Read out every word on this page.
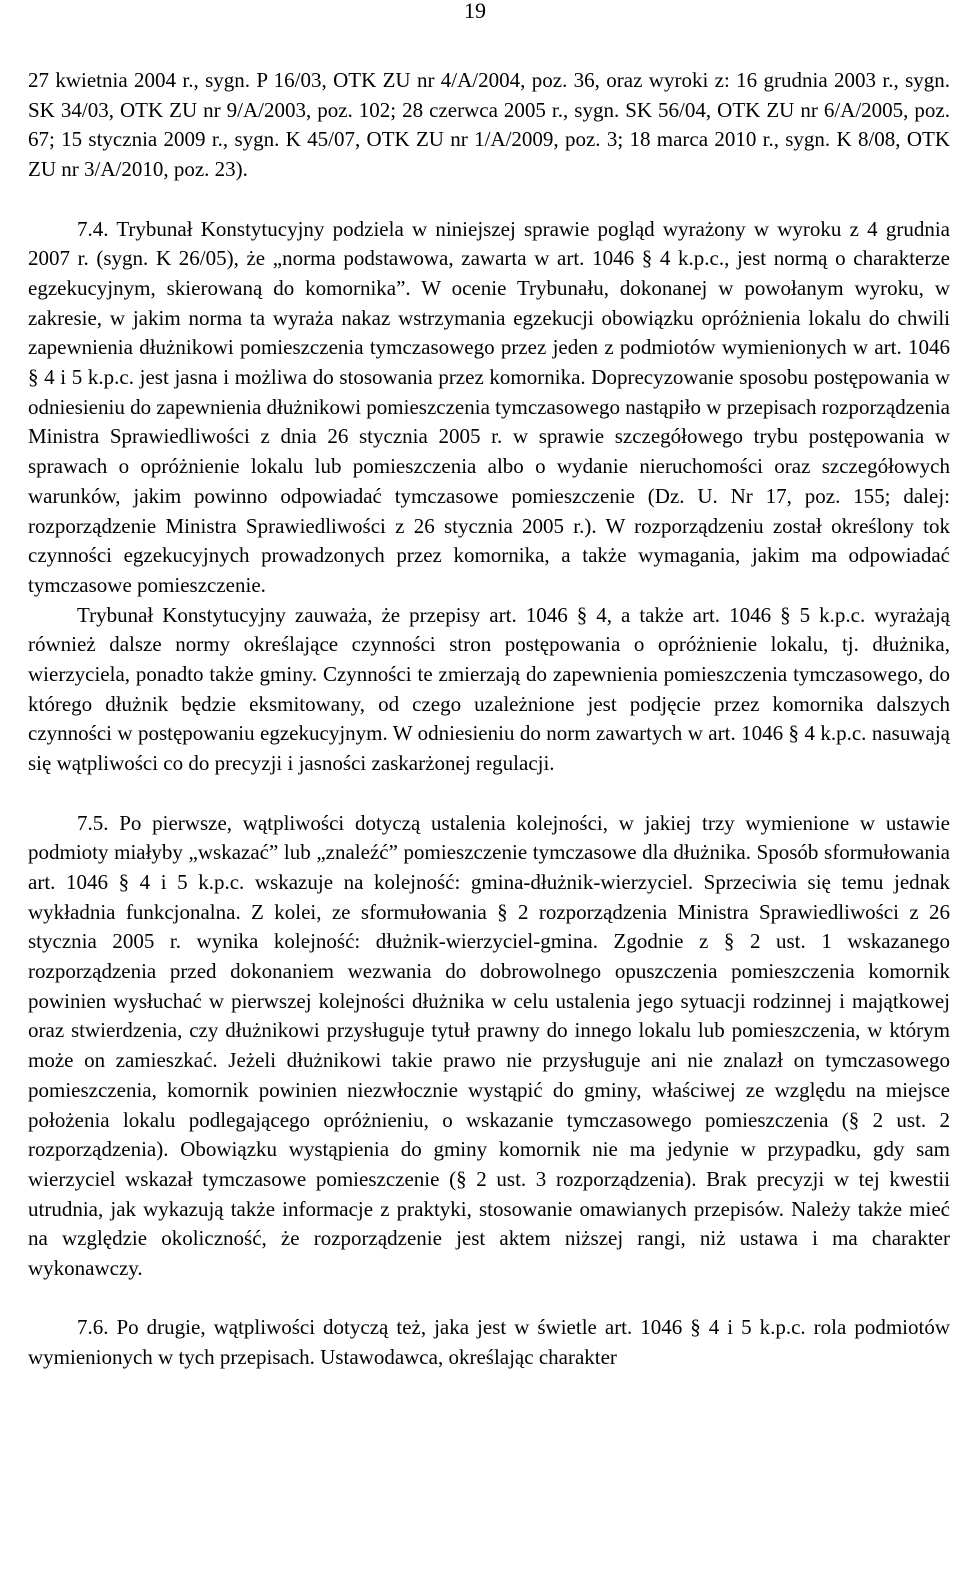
19

27 kwietnia 2004 r., sygn. P 16/03, OTK ZU nr 4/A/2004, poz. 36, oraz wyroki z: 16 grudnia 2003 r., sygn. SK 34/03, OTK ZU nr 9/A/2003, poz. 102; 28 czerwca 2005 r., sygn. SK 56/04, OTK ZU nr 6/A/2005, poz. 67; 15 stycznia 2009 r., sygn. K 45/07, OTK ZU nr 1/A/2009, poz. 3; 18 marca 2010 r., sygn. K 8/08, OTK ZU nr 3/A/2010, poz. 23).

7.4. Trybunał Konstytucyjny podziela w niniejszej sprawie pogląd wyrażony w wyroku z 4 grudnia 2007 r. (sygn. K 26/05), że „norma podstawowa, zawarta w art. 1046 § 4 k.p.c., jest normą o charakterze egzekucyjnym, skierowaną do komornika”. W ocenie Trybunału, dokonanej w powołanym wyroku, w zakresie, w jakim norma ta wyraża nakaz wstrzymania egzekucji obowiązku opróżnienia lokalu do chwili zapewnienia dłużnikowi pomieszczenia tymczasowego przez jeden z podmiotów wymienionych w art. 1046 § 4 i 5 k.p.c. jest jasna i możliwa do stosowania przez komornika. Doprecyzowanie sposobu postępowania w odniesieniu do zapewnienia dłużnikowi pomieszczenia tymczasowego nastąpiło w przepisach rozporządzenia Ministra Sprawiedliwości z dnia 26 stycznia 2005 r. w sprawie szczegółowego trybu postępowania w sprawach o opróżnienie lokalu lub pomieszczenia albo o wydanie nieruchomości oraz szczegółowych warunków, jakim powinno odpowiadać tymczasowe pomieszczenie (Dz. U. Nr 17, poz. 155; dalej: rozporządzenie Ministra Sprawiedliwości z 26 stycznia 2005 r.). W rozporządzeniu został określony tok czynności egzekucyjnych prowadzonych przez komornika, a także wymagania, jakim ma odpowiadać tymczasowe pomieszczenie.

Trybunał Konstytucyjny zauważa, że przepisy art. 1046 § 4, a także art. 1046 § 5 k.p.c. wyrażają również dalsze normy określające czynności stron postępowania o opróżnienie lokalu, tj. dłużnika, wierzyciela, ponadto także gminy. Czynności te zmierzają do zapewnienia pomieszczenia tymczasowego, do którego dłużnik będzie eksmitowany, od czego uzależnione jest podjęcie przez komornika dalszych czynności w postępowaniu egzekucyjnym. W odniesieniu do norm zawartych w art. 1046 § 4 k.p.c. nasuwają się wątpliwości co do precyzji i jasności zaskarżonej regulacji.

7.5. Po pierwsze, wątpliwości dotyczą ustalenia kolejności, w jakiej trzy wymienione w ustawie podmioty miałyby „wskazać” lub „znaleźć” pomieszczenie tymczasowe dla dłużnika. Sposób sformułowania art. 1046 § 4 i 5 k.p.c. wskazuje na kolejność: gmina-dłużnik-wierzyciel. Sprzeciwia się temu jednak wykładnia funkcjonalna. Z kolei, ze sformułowania § 2 rozporządzenia Ministra Sprawiedliwości z 26 stycznia 2005 r. wynika kolejność: dłużnik-wierzyciel-gmina. Zgodnie z § 2 ust. 1 wskazanego rozporządzenia przed dokonaniem wezwania do dobrowolnego opuszczenia pomieszczenia komornik powinien wysłuchać w pierwszej kolejności dłużnika w celu ustalenia jego sytuacji rodzinnej i majątkowej oraz stwierdzenia, czy dłużnikowi przysługuje tytuł prawny do innego lokalu lub pomieszczenia, w którym może on zamieszkać. Jeżeli dłużnikowi takie prawo nie przysługuje ani nie znalazł on tymczasowego pomieszczenia, komornik powinien niezwłocznie wystąpić do gminy, właściwej ze względu na miejsce położenia lokalu podlegającego opróżnieniu, o wskazanie tymczasowego pomieszczenia (§ 2 ust. 2 rozporządzenia). Obowiązku wystąpienia do gminy komornik nie ma jedynie w przypadku, gdy sam wierzyciel wskazał tymczasowe pomieszczenie (§ 2 ust. 3 rozporządzenia). Brak precyzji w tej kwestii utrudnia, jak wykazują także informacje z praktyki, stosowanie omawianych przepisów. Należy także mieć na względzie okoliczność, że rozporządzenie jest aktem niższej rangi, niż ustawa i ma charakter wykonawczy.

7.6. Po drugie, wątpliwości dotyczą też, jaka jest w świetle art. 1046 § 4 i 5 k.p.c. rola podmiotów wymienionych w tych przepisach. Ustawodawca, określając charakter
